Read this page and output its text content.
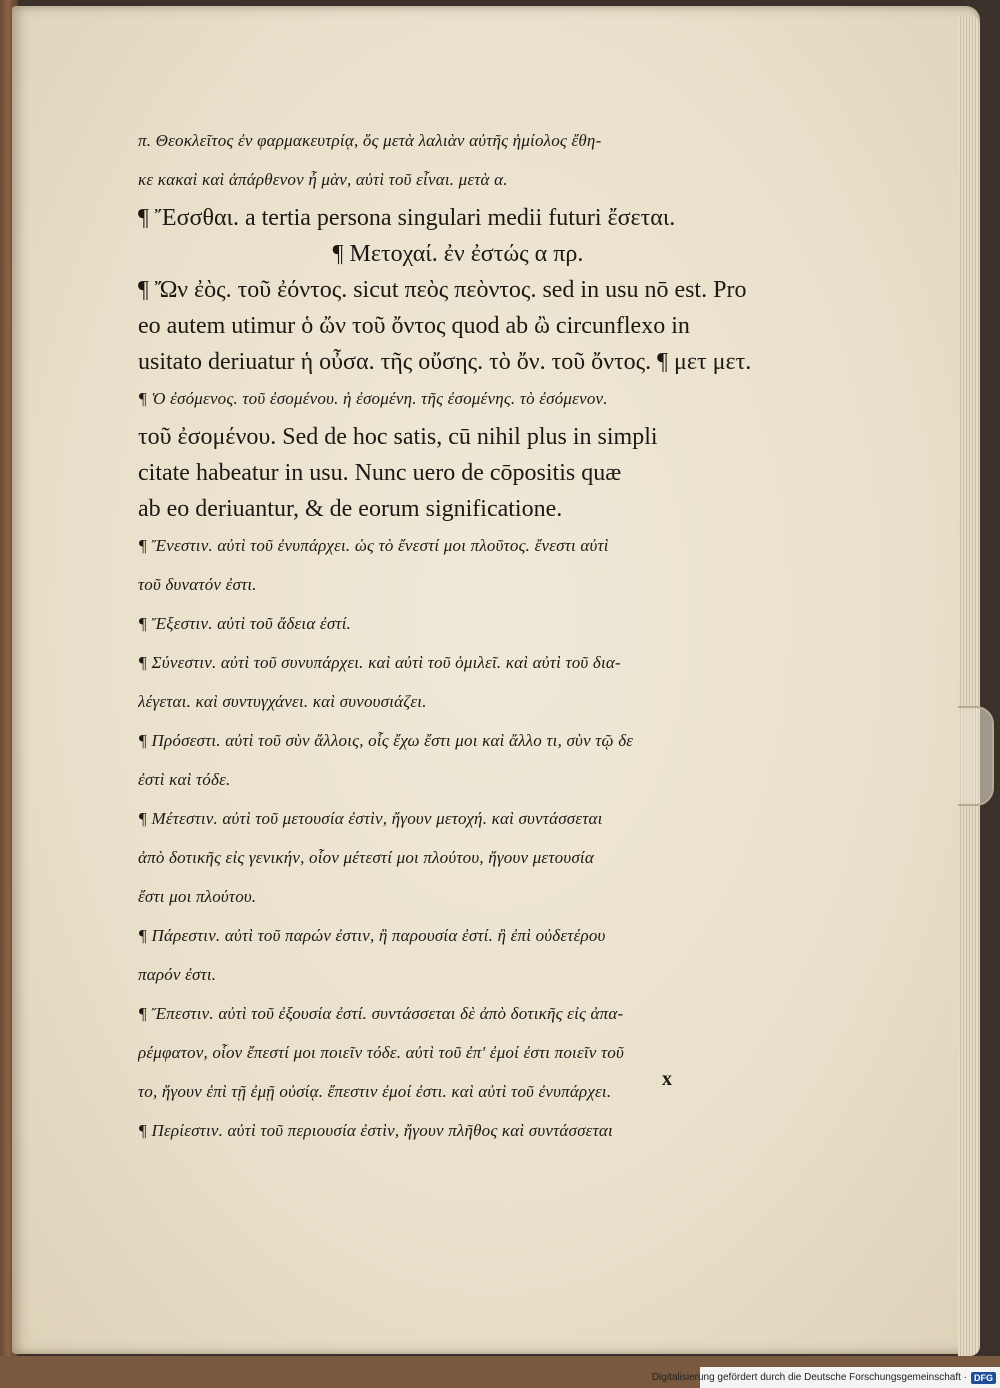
π. Θεοκλεῖτος ἐν φαρμακευτρίᾳ, ὅς μετὰ λαλιὰν αὐτῆς ἡμίολος ἔθη-
κε κακαὶ καὶ ἀπάρθενον ἦ μὰν, αὐτὶ τοῦ εἶναι. μετὰ α.
¶ Ἔσσθαι. a tertia persona singulari medii futuri ἔσεται.
¶ Μετοχαί. ἐν ἐστώς α πρ.
¶ Ὤν ἐὸς. τοῦ ἐόντος. sicut πεὸς πεὸντος. sed in usu nō est. Pro
eo autem utimur ὁ ὤν τοῦ ὄντος quod ab ὢ circunflexo in
usitato deriuatur ἡ οὖσα. τῆς οὔσης. τὸ ὄν. τοῦ ὄντος. ¶ μετ μετ.
¶ Ὁ ἐσόμενος. τοῦ ἐσομένου. ἡ ἐσομένη. τῆς ἐσομένης. τὸ ἐσόμενον.
τοῦ ἐσομένου. Sed de hoc satis, cū nihil plus in simpli
citate habeatur in usu. Nunc uero de cōpositis quæ
ab eo deriuantur, & de eorum significatione.
¶ Ἔνεστιν. αὐτὶ τοῦ ἐνυπάρχει. ὡς τὸ ἔνεστί μοι πλοῦτος. ἔνεστι αὐτὶ
τοῦ δυνατόν ἐστι.
¶ Ἔξεστιν. αὐτὶ τοῦ ἄδεια ἐστί.
¶ Σύνεστιν. αὐτὶ τοῦ συνυπάρχει. καὶ αὐτὶ τοῦ ὁμιλεῖ. καὶ αὐτὶ τοῦ δια-
λέγεται. καὶ συντυγχάνει. καὶ συνουσιάζει.
¶ Πρόσεστι. αὐτὶ τοῦ σὺν ἄλλοις, οἷς ἔχω ἔστι μοι καὶ ἄλλο τι, σὺν τῷ δε
ἐστὶ καὶ τόδε.
¶ Μέτεστιν. αὐτὶ τοῦ μετουσία ἐστὶν, ἤγουν μετοχή. καὶ συντάσσεται
ἀπὸ δοτικῆς εἰς γενικήν, οἷον μέτεστί μοι πλούτου, ἤγουν μετουσία
ἔστι μοι πλούτου.
¶ Πάρεστιν. αὐτὶ τοῦ παρών ἐστιν, ἢ παρουσία ἐστί. ἢ ἐπὶ οὐδετέρου
παρόν ἐστι.
¶ Ἔπεστιν. αὐτὶ τοῦ ἐξουσία ἐστί. συντάσσεται δὲ ἀπὸ δοτικῆς εἰς ἀπα-
ρέμφατον, οἷον ἔπεστί μοι ποιεῖν τόδε. αὐτὶ τοῦ ἐπ' ἐμοί ἐστι ποιεῖν τοῦ
το, ἤγουν ἐπὶ τῇ ἐμῇ οὐσίᾳ. ἔπεστιν ἐμοί ἐστι. καὶ αὐτὶ τοῦ ἐνυπάρχει.
¶ Περίεστιν. αὐτὶ τοῦ περιουσία ἐστὶν, ἤγουν πλῆθος καὶ συντάσσεται
x
Digitalisierung gefördert durch die Deutsche Forschungsgemeinschaft · DFG
